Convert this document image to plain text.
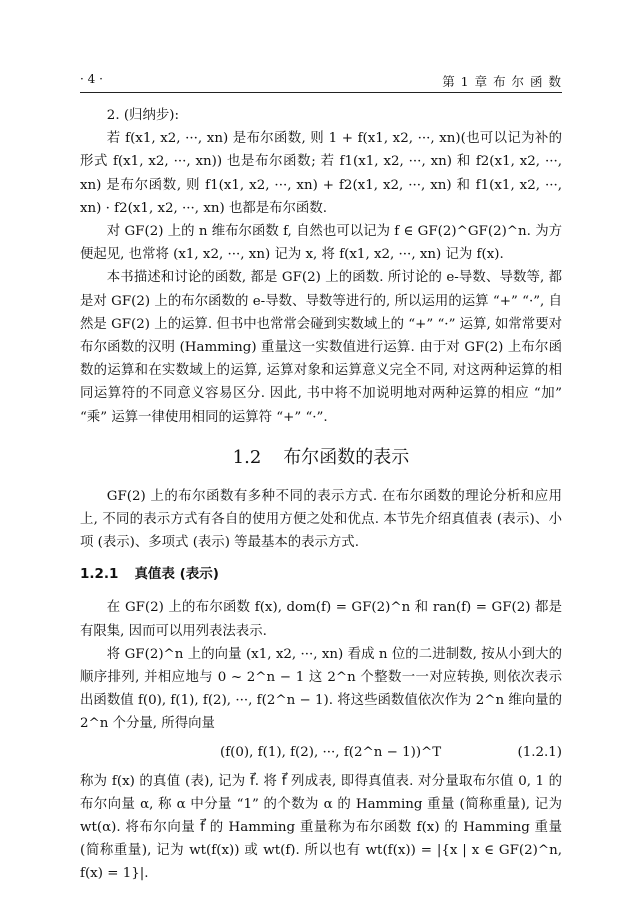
· 4 ·	第 1 章 布 尔 函 数

2. (归纳步):

若 f(x1, x2, ···, xn) 是布尔函数, 则 1 + f(x1, x2, ···, xn)(也可以记为补的形式 f(x1, x2, ···, xn)) 也是布尔函数; 若 f1(x1, x2, ···, xn) 和 f2(x1, x2, ···, xn) 是布尔函数, 则 f1(x1, x2, ···, xn) + f2(x1, x2, ···, xn) 和 f1(x1, x2, ···, xn) · f2(x1, x2, ···, xn) 也都是布尔函数.

对 GF(2) 上的 n 维布尔函数 f, 自然也可以记为 f ∈ GF(2)^GF(2)^n. 为方便起见, 也常将 (x1, x2, ···, xn) 记为 x, 将 f(x1, x2, ···, xn) 记为 f(x).

本书描述和讨论的函数, 都是 GF(2) 上的函数. 所讨论的 e-导数、导数等, 都是对 GF(2) 上的布尔函数的 e-导数、导数等进行的, 所以运用的运算 “+” “·”, 自然是 GF(2) 上的运算. 但书中也常常会碰到实数域上的 “+” “·” 运算, 如常常要对布尔函数的汉明 (Hamming) 重量这一实数值进行运算. 由于对 GF(2) 上布尔函数的运算和在实数域上的运算, 运算对象和运算意义完全不同, 对这两种运算的相同运算符的不同意义容易区分. 因此, 书中将不加说明地对两种运算的相应 “加” “乘” 运算一律使用相同的运算符 “+” “·”.

1.2 布尔函数的表示

GF(2) 上的布尔函数有多种不同的表示方式. 在布尔函数的理论分析和应用上, 不同的表示方式有各自的使用方便之处和优点. 本节先介绍真值表 (表示)、小项 (表示)、多项式 (表示) 等最基本的表示方式.

1.2.1 真值表 (表示)

在 GF(2) 上的布尔函数 f(x), dom(f) = GF(2)^n 和 ran(f) = GF(2) 都是有限集, 因而可以用列表法表示.

将 GF(2)^n 上的向量 (x1, x2, ···, xn) 看成 n 位的二进制数, 按从小到大的顺序排列, 并相应地与 0 ~ 2^n − 1 这 2^n 个整数一一对应转换, 则依次表示出函数值 f(0), f(1), f(2), ···, f(2^n − 1). 将这些函数值依次作为 2^n 维向量的 2^n 个分量, 所得向量

(f(0), f(1), f(2), ···, f(2^n − 1))^T	(1.2.1)

称为 f(x) 的真值 (表), 记为 f⃗. 将 f⃗ 列成表, 即得真值表. 对分量取布尔值 0, 1 的布尔向量 α, 称 α 中分量 “1” 的个数为 α 的 Hamming 重量 (简称重量), 记为 wt(α). 将布尔向量 f⃗ 的 Hamming 重量称为布尔函数 f(x) 的 Hamming 重量 (简称重量), 记为 wt(f(x)) 或 wt(f). 所以也有 wt(f(x)) = |{x | x ∈ GF(2)^n, f(x) = 1}|.
